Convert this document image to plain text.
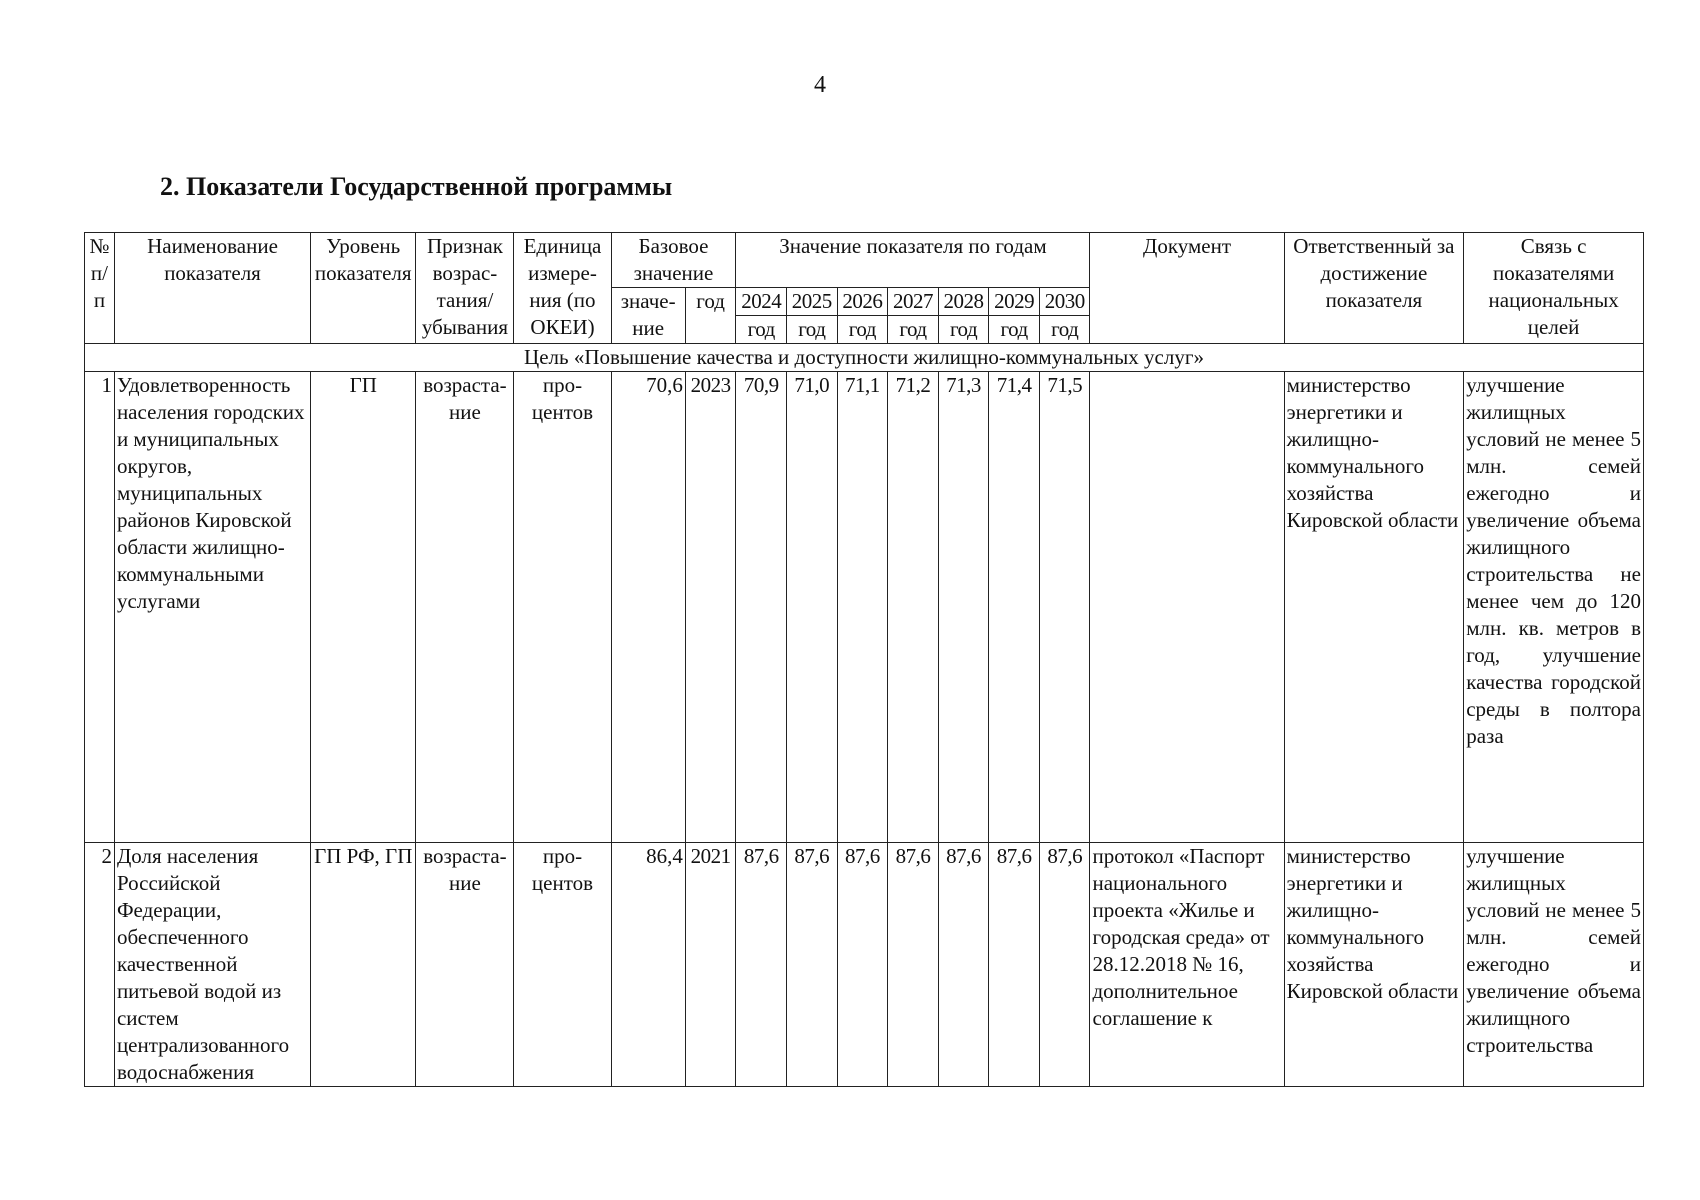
4
2. Показатели Государственной программы
№ п/п	Наименование показателя	Уровень показателя	Признак возрас-тания/ убывания	Единица измере-ния (по ОКЕИ)	Базовое значение		Значение показателя по годам							Документ	Ответственный за достижение показателя	Связь с показателями национальных целей
					значе-ние	год	2024	2025	2026	2027	2028	2029	2030			
							год	год	год	год	год	год	год			
Цель «Повышение качества и доступности жилищно-коммунальных услуг»																
1	Удовлетворенность населения городских и муниципальных округов, муниципальных районов Кировской области жилищно-коммунальными услугами	ГП	возраста-ние	про-центов	70,6	2023	70,9	71,0	71,1	71,2	71,3	71,4	71,5		министерство энергетики и жилищно-коммунального хозяйства Кировской области	улучшение жилищных условий не менее 5 млн. семей ежегодно и увеличение объема жилищного строительства не менее чем до 120 млн. кв. метров в год, улучшение качества городской среды в полтора раза
2	Доля населения Российской Федерации, обеспеченного качественной питьевой водой из систем централизованного водоснабжения	ГП РФ, ГП	возраста-ние	про-центов	86,4	2021	87,6	87,6	87,6	87,6	87,6	87,6	87,6	протокол «Паспорт национального проекта «Жилье и городская среда» от 28.12.2018 № 16, дополнительное соглашение к	министерство энергетики и жилищно-коммунального хозяйства Кировской области	улучшение жилищных условий не менее 5 млн. семей ежегодно и увеличение объема жилищного строительства
